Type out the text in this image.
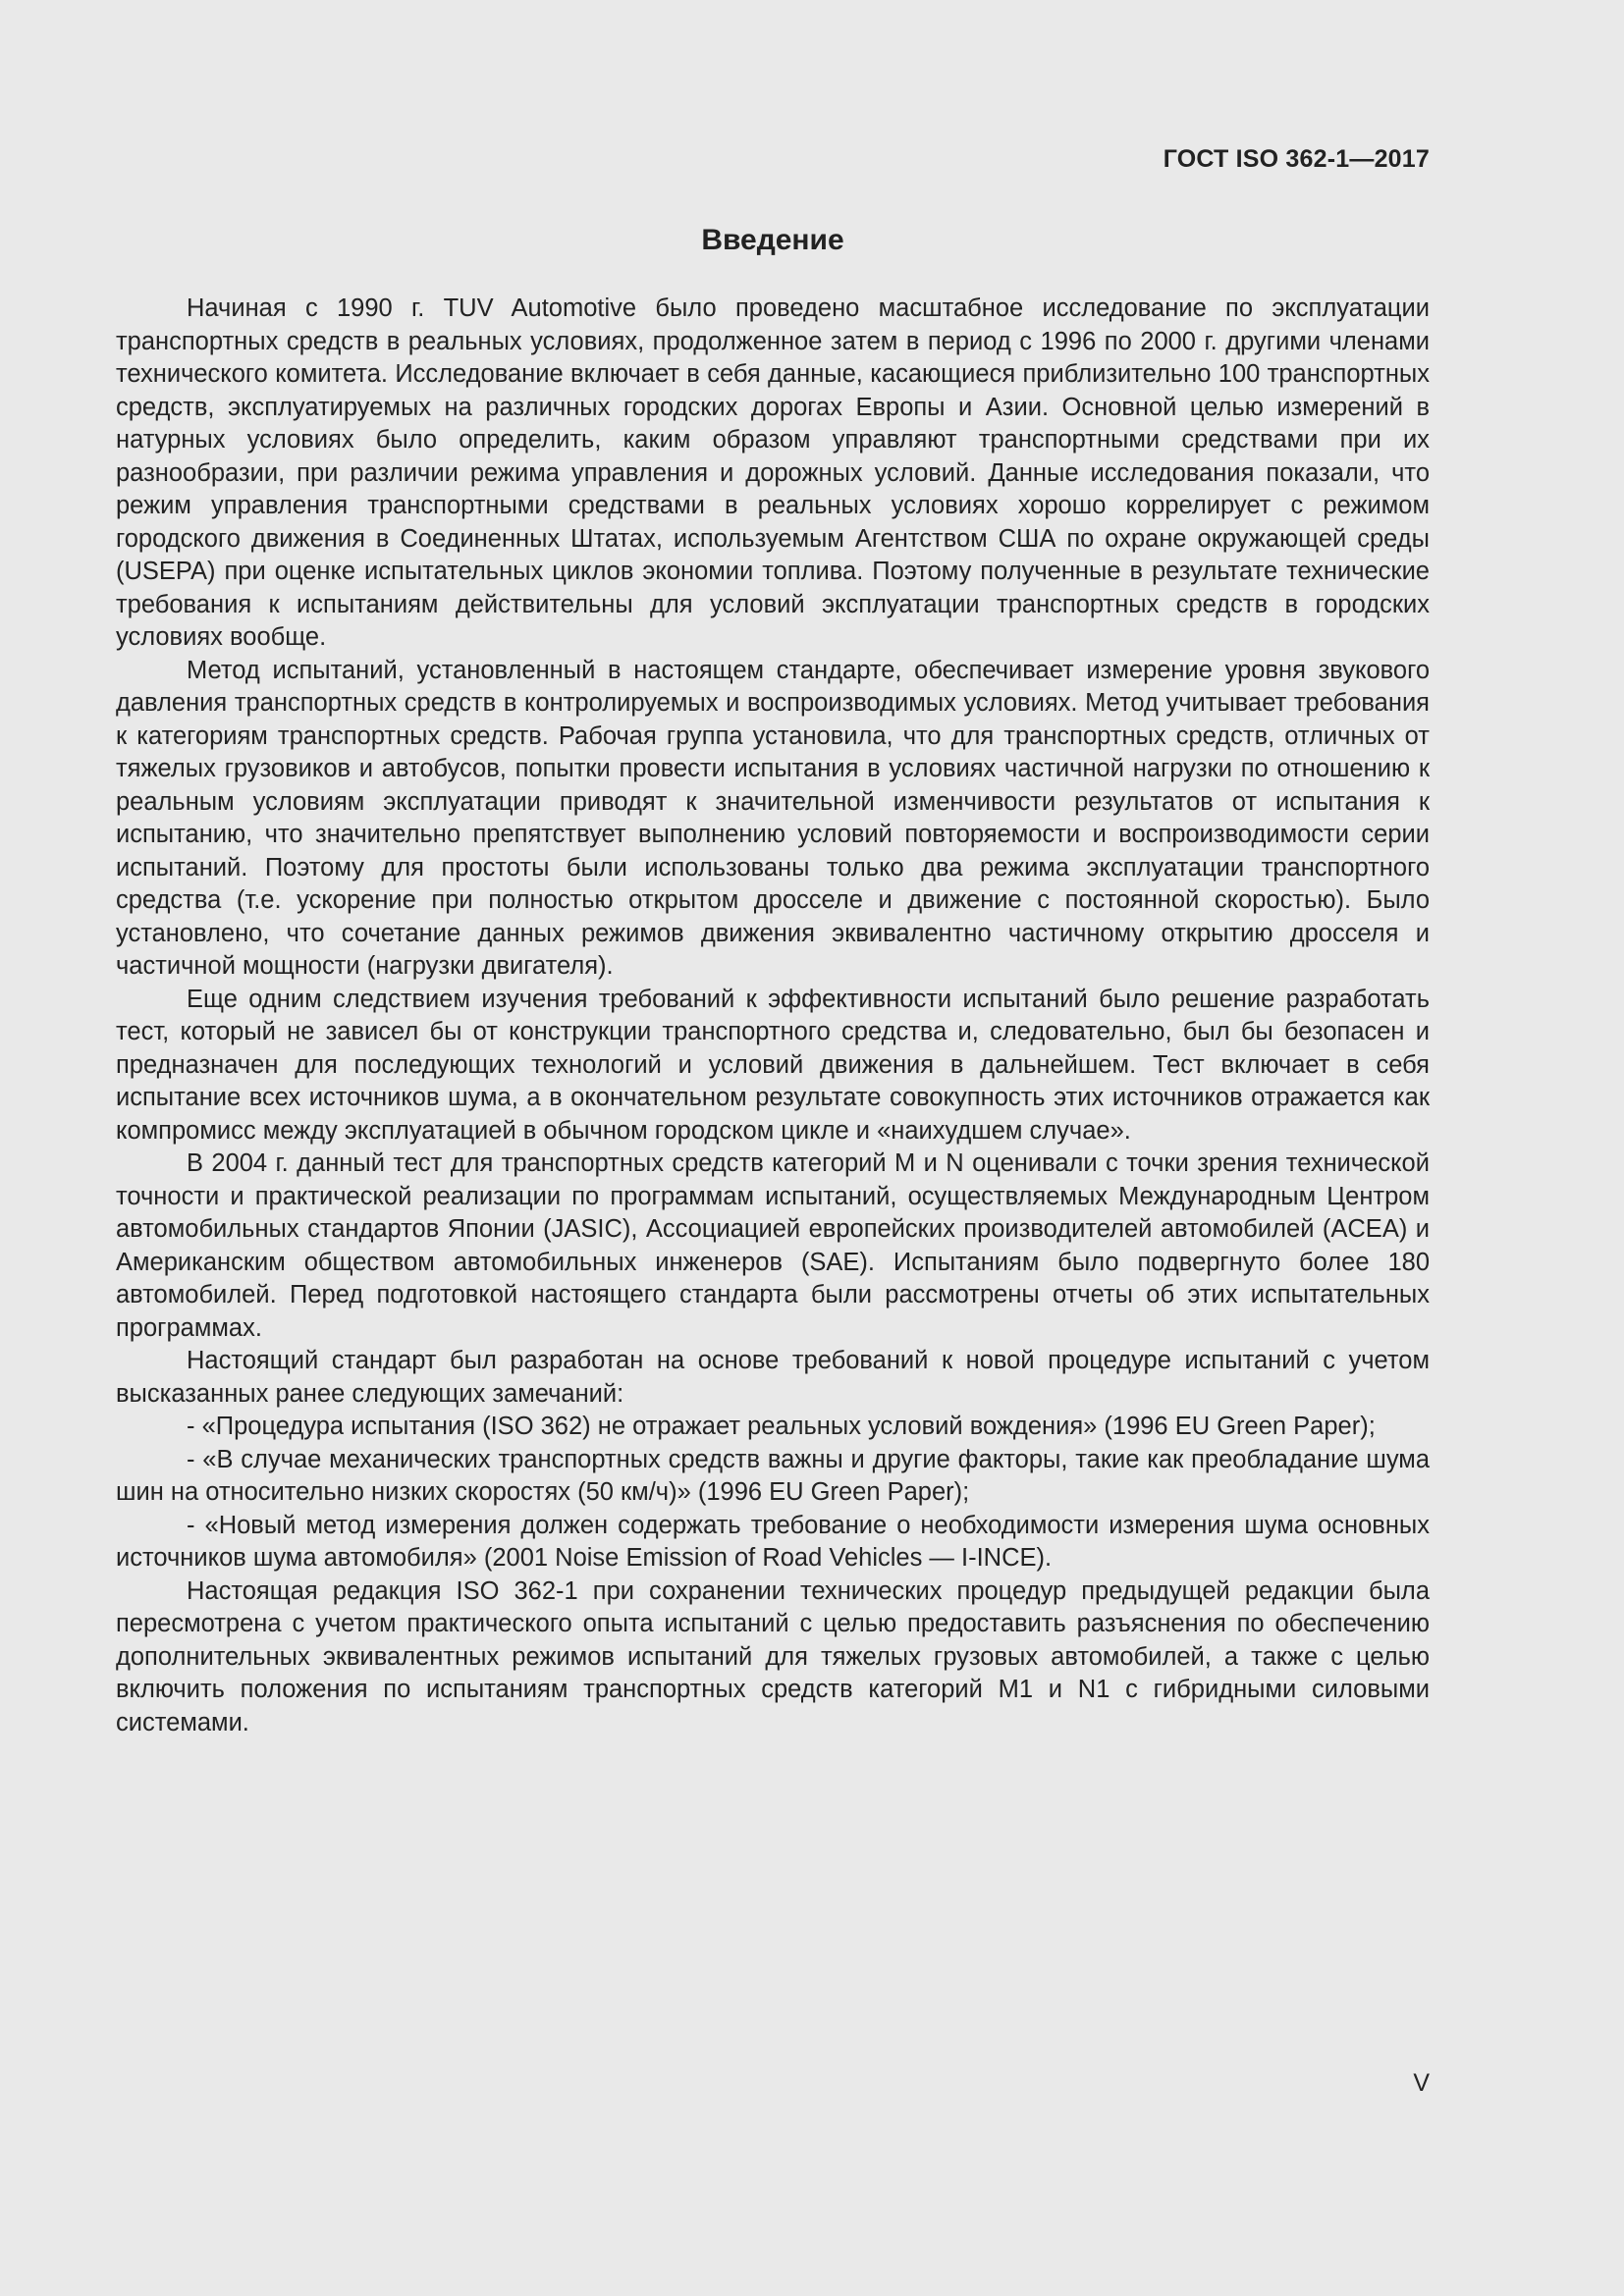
ГОСТ ISO 362-1—2017
Введение

Начиная с 1990 г. TUV Automotive было проведено масштабное исследование по эксплуатации транспортных средств в реальных условиях, продолженное затем в период с 1996 по 2000 г. другими членами технического комитета. Исследование включает в себя данные, касающиеся приблизительно 100 транспортных средств, эксплуатируемых на различных городских дорогах Европы и Азии. Основной целью измерений в натурных условиях было определить, каким образом управляют транспортными средствами при их разнообразии, при различии режима управления и дорожных условий. Данные исследования показали, что режим управления транспортными средствами в реальных условиях хорошо коррелирует с режимом городского движения в Соединенных Штатах, используемым Агентством США по охране окружающей среды (USEPA) при оценке испытательных циклов экономии топлива. Поэтому полученные в результате технические требования к испытаниям действительны для условий эксплуатации транспортных средств в городских условиях вообще.

Метод испытаний, установленный в настоящем стандарте, обеспечивает измерение уровня звукового давления транспортных средств в контролируемых и воспроизводимых условиях. Метод учитывает требования к категориям транспортных средств. Рабочая группа установила, что для транспортных средств, отличных от тяжелых грузовиков и автобусов, попытки провести испытания в условиях частичной нагрузки по отношению к реальным условиям эксплуатации приводят к значительной изменчивости результатов от испытания к испытанию, что значительно препятствует выполнению условий повторяемости и воспроизводимости серии испытаний. Поэтому для простоты были использованы только два режима эксплуатации транспортного средства (т.е. ускорение при полностью открытом дросселе и движение с постоянной скоростью). Было установлено, что сочетание данных режимов движения эквивалентно частичному открытию дросселя и частичной мощности (нагрузки двигателя).

Еще одним следствием изучения требований к эффективности испытаний было решение разработать тест, который не зависел бы от конструкции транспортного средства и, следовательно, был бы безопасен и предназначен для последующих технологий и условий движения в дальнейшем. Тест включает в себя испытание всех источников шума, а в окончательном результате совокупность этих источников отражается как компромисс между эксплуатацией в обычном городском цикле и «наихудшем случае».

В 2004 г. данный тест для транспортных средств категорий M и N оценивали с точки зрения технической точности и практической реализации по программам испытаний, осуществляемых Международным Центром автомобильных стандартов Японии (JASIC), Ассоциацией европейских производителей автомобилей (ACEA) и Американским обществом автомобильных инженеров (SAE). Испытаниям было подвергнуто более 180 автомобилей. Перед подготовкой настоящего стандарта были рассмотрены отчеты об этих испытательных программах.

Настоящий стандарт был разработан на основе требований к новой процедуре испытаний с учетом высказанных ранее следующих замечаний:

- «Процедура испытания (ISO 362) не отражает реальных условий вождения» (1996 EU Green Paper);

- «В случае механических транспортных средств важны и другие факторы, такие как преобладание шума шин на относительно низких скоростях (50 км/ч)» (1996 EU Green Paper);

- «Новый метод измерения должен содержать требование о необходимости измерения шума основных источников шума автомобиля» (2001 Noise Emission of Road Vehicles — I-INCE).

Настоящая редакция ISO 362-1 при сохранении технических процедур предыдущей редакции была пересмотрена с учетом практического опыта испытаний с целью предоставить разъяснения по обеспечению дополнительных эквивалентных режимов испытаний для тяжелых грузовых автомобилей, а также с целью включить положения по испытаниям транспортных средств категорий M1 и N1 с гибридными силовыми системами.

V
